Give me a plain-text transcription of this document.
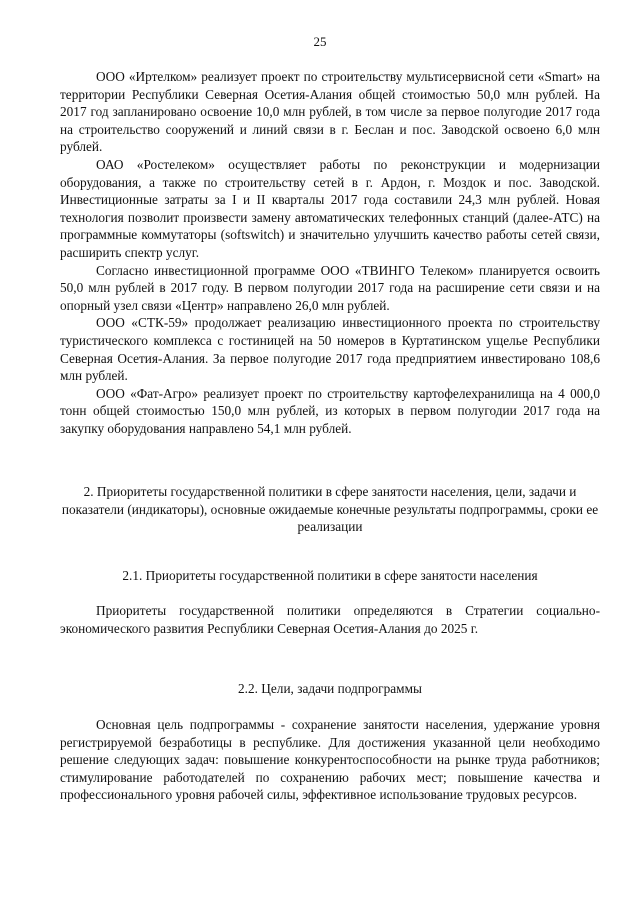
25

ООО «Иртелком» реализует проект по строительству мультисервисной сети «Smart» на территории Республики Северная Осетия-Алания общей стоимостью 50,0 млн рублей. На 2017 год запланировано освоение 10,0 млн рублей, в том числе за первое полугодие 2017 года на строительство сооружений и линий связи в г. Беслан и пос. Заводской освоено 6,0 млн рублей.

ОАО «Ростелеком» осуществляет работы по реконструкции и модернизации оборудования, а также по строительству сетей в г. Ардон, г. Моздок и пос. Заводской. Инвестиционные затраты за I и II кварталы 2017 года составили 24,3 млн рублей. Новая технология позволит произвести замену автоматических телефонных станций (далее-АТС) на программные коммутаторы (softswitch) и значительно улучшить качество работы сетей связи, расширить спектр услуг.

Согласно инвестиционной программе ООО «ТВИНГО Телеком» планируется освоить 50,0 млн рублей в 2017 году. В первом полугодии 2017 года на расширение сети связи и на опорный узел связи «Центр» направлено 26,0 млн рублей.

ООО «СТК-59» продолжает реализацию инвестиционного проекта по строительству туристического комплекса с гостиницей на 50 номеров в Куртатинском ущелье Республики Северная Осетия-Алания. За первое полугодие 2017 года предприятием инвестировано 108,6 млн рублей.

ООО «Фат-Агро» реализует проект по строительству картофелехранилища на 4 000,0 тонн общей стоимостью 150,0 млн рублей, из которых в первом полугодии 2017 года на закупку оборудования направлено 54,1 млн рублей.

2. Приоритеты государственной политики в сфере занятости населения, цели, задачи и показатели (индикаторы), основные ожидаемые конечные результаты подпрограммы, сроки ее реализации

2.1. Приоритеты государственной политики в сфере занятости населения

Приоритеты государственной политики определяются в Стратегии социально-экономического развития Республики Северная Осетия-Алания до 2025 г.

2.2. Цели, задачи подпрограммы

Основная цель подпрограммы - сохранение занятости населения, удержание уровня регистрируемой безработицы в республике. Для достижения указанной цели необходимо решение следующих задач: повышение конкурентоспособности на рынке труда работников; стимулирование работодателей по сохранению рабочих мест; повышение качества и профессионального уровня рабочей силы, эффективное использование трудовых ресурсов.
